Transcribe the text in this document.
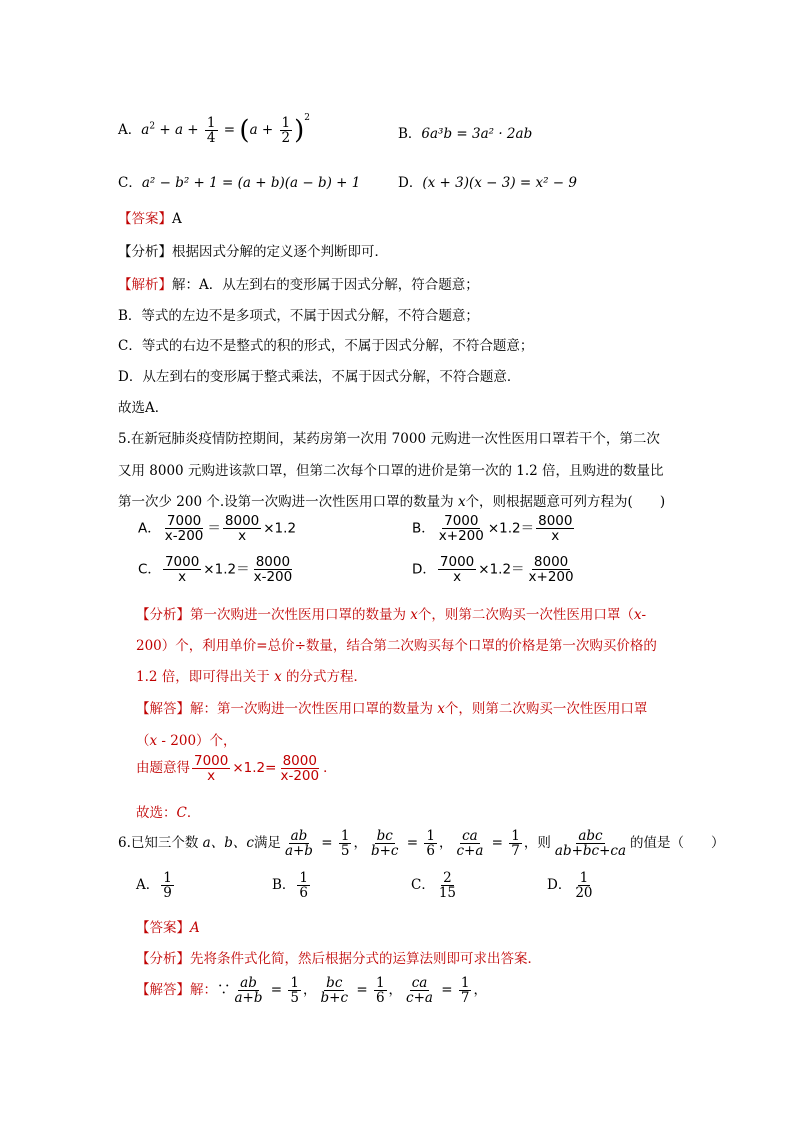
A．$a^2 + a + \frac{1}{4} = (a + \frac{1}{2} )^2$
B．6a³b = 3a² · 2ab
C．a² − b² + 1 = (a + b)(a − b) + 1	D．(x + 3)(x − 3) = x² − 9
【答案】A
【分析】根据因式分解的定义逐个判断即可．
【解析】解：A．从左到右的变形属于因式分解，符合题意；
B．等式的左边不是多项式，不属于因式分解，不符合题意；
C．等式的右边不是整式的积的形式，不属于因式分解，不符合题意；
D．从左到右的变形属于整式乘法，不属于因式分解，不符合题意．
故选A．
5.在新冠肺炎疫情防控期间，某药房第一次用 7000 元购进一次性医用口罩若干个，第二次
又用 8000 元购进该款口罩，但第二次每个口罩的进价是第一次的 1.2 倍，且购进的数量比
第一次少 200 个.设第一次购进一次性医用口罩的数量为 x个，则根据题意可列方程为(　　)
A． $\frac{7000}{x-200} = \frac{8000}{x} \times 1.2$	B． $\frac{7000}{x+200} \times 1.2= \frac{8000}{x}$
C． $\frac{7000}{x} \times 1.2= \frac{8000}{x-200}$	D． $\frac{7000}{x} \times 1.2= \frac{8000}{x+200}$
【分析】第一次购进一次性医用口罩的数量为 x个，则第二次购买一次性医用口罩（x-
200）个，利用单价=总价÷数量，结合第二次购买每个口罩的价格是第一次购买价格的
1.2 倍，即可得出关于 x 的分式方程．
【解答】解：第一次购进一次性医用口罩的数量为 x个，则第二次购买一次性医用口罩
（x - 200）个，
由题意得 $\frac{7000}{x} \times 1.2= \frac{8000}{x-200}$ ．
故选：C．
6.已知三个数 a、b、c满足 $\frac{ab}{a+b} = \frac{1}{5}$ ， $\frac{bc}{b+c} = \frac{1}{6}$ ， $\frac{ca}{c+a} = \frac{1}{7}$ ，则 $\frac{\text{abc}}{ab+bc+ca}$ 的值是（　　）
A． $\frac{1}{9}$	B． $\frac{1}{6}$	C． $\frac{2}{15}$	D． $\frac{1}{20}$
【答案】A
【分析】先将条件式化简，然后根据分式的运算法则即可求出答案．
【解答】解：∵ $\frac{ab}{a+b} = \frac{1}{5}$ ， $\frac{bc}{b+c} = \frac{1}{6}$ ， $\frac{ca}{c+a} = \frac{1}{7}$ ，
